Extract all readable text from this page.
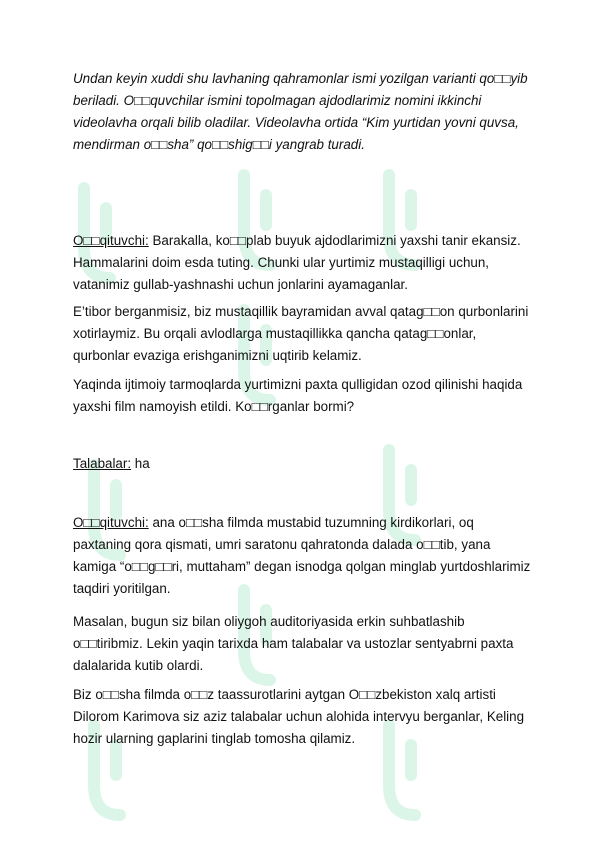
Undan keyin xuddi shu lavhaning qahramonlar ismi yozilgan varianti qo□□yib beriladi. O□□quvchilar ismini topolmagan ajdodlarimiz nomini ikkinchi videolavha orqali bilib oladilar. Videolavha ortida “Kim yurtidan yovni quvsa, mendirman o□□sha” qo□□shig□□i yangrab turadi.

O□□qituvchi: Barakalla, ko□□plab buyuk ajdodlarimizni yaxshi tanir ekansiz. Hammalarini doim esda tuting. Chunki ular yurtimiz mustaqilligi uchun, vatanimiz gullab-yashnashi uchun jonlarini ayamaganlar.

E’tibor berganmisiz, biz mustaqillik bayramidan avval qatag□□on qurbonlarini xotirlaymiz. Bu orqali avlodlarga mustaqillikka qancha qatag□□onlar, qurbonlar evaziga erishganimizni uqtirib kelamiz.

Yaqinda ijtimoiy tarmoqlarda yurtimizni paxta qulligidan ozod qilinishi haqida yaxshi film namoyish etildi. Ko□□rganlar bormi?

Talabalar: ha

O□□qituvchi: ana o□□sha filmda mustabid tuzumning kirdikorlari, oq paxtaning qora qismati, umri saratonu qahratonda dalada o□□tib, yana kamiga “o□□g□□ri, muttaham” degan isnodga qolgan minglab yurtdoshlarimiz taqdiri yoritilgan.

Masalan, bugun siz bilan oliygoh auditoriyasida erkin suhbatlashib o□□tiribmiz. Lekin yaqin tarixda ham talabalar va ustozlar sentyabrni paxta dalalarida kutib olardi.

Biz o□□sha filmda o□□z taassurotlarini aytgan O□□zbekiston xalq artisti Dilorom Karimova siz aziz talabalar uchun alohida intervyu berganlar, Keling hozir ularning gaplarini tinglab tomosha qilamiz.
